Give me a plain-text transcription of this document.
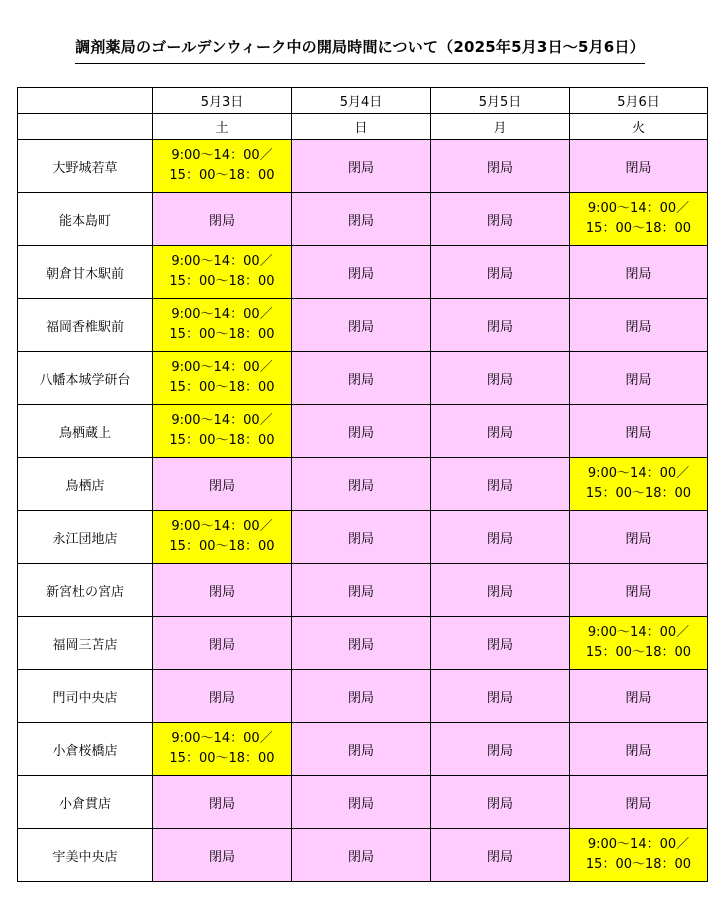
調剤薬局のゴールデンウィーク中の開局時間について（2025年5月3日～5月6日）
	5月3日	5月4日	5月5日	5月6日
	土	日	月	火
大野城若草	9:00～14：00／
15：00～18：00	閉局	閉局	閉局
能本島町	閉局	閉局	閉局	9:00～14：00／
15：00～18：00

朝倉甘木駅前	9:00～14：00／
15：00～18：00	閉局	閉局	閉局
福岡香椎駅前	9:00～14：00／
15：00～18：00	閉局	閉局	閉局
八幡本城学研台	9:00～14：00／
15：00～18：00	閉局	閉局	閉局
鳥栖蔵上	9:00～14：00／
15：00～18：00	閉局	閉局	閉局
鳥栖店	閉局	閉局	閉局	9:00～14：00／
15：00～18：00

永江団地店	9:00～14：00／
15：00～18：00	閉局	閉局	閉局
新宮杜の宮店	閉局	閉局	閉局	閉局
福岡三苫店	閉局	閉局	閉局	9:00～14：00／
15：00～18：00

門司中央店	閉局	閉局	閉局	閉局
小倉桜橋店	9:00～14：00／
15：00～18：00	閉局	閉局	閉局
小倉貫店	閉局	閉局	閉局	閉局
宇美中央店	閉局	閉局	閉局	9:00～14：00／
15：00～18：00
